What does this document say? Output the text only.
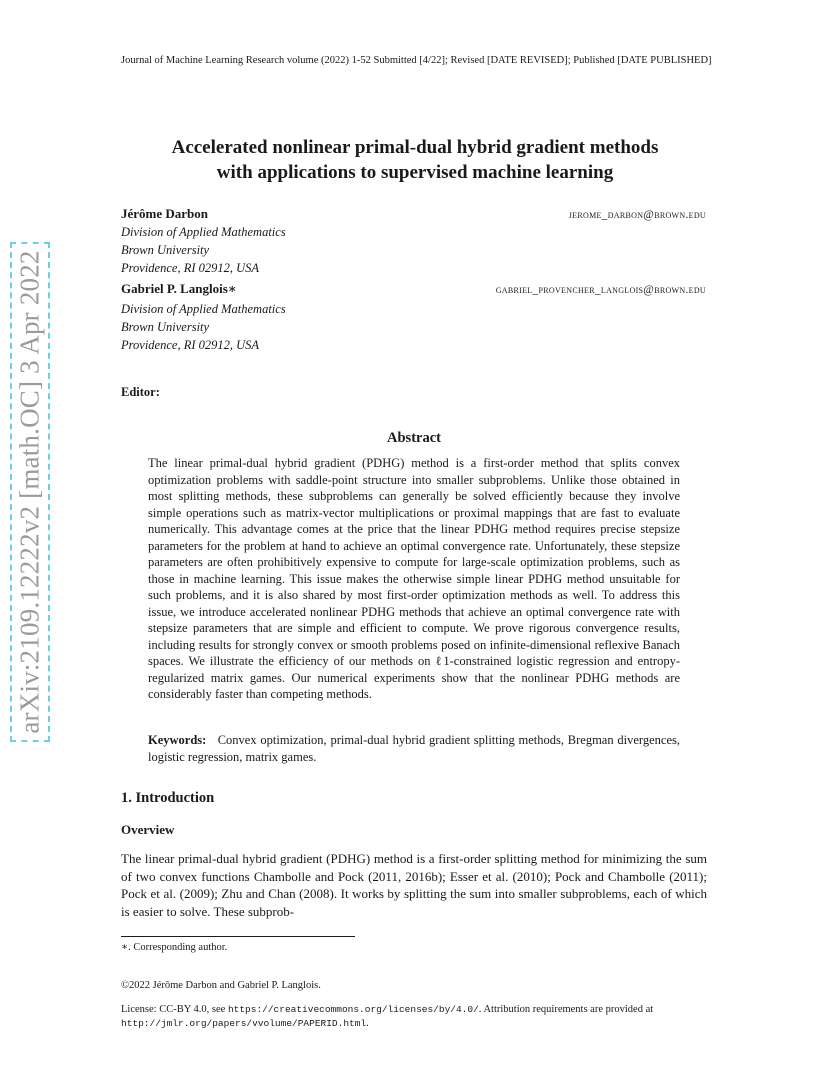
arXiv:2109.12222v2 [math.OC] 3 Apr 2022
Journal of Machine Learning Research volume (2022) 1-52 Submitted [4/22]; Revised [DATE REVISED]; Published [DATE PUBLISHED]
Accelerated nonlinear primal-dual hybrid gradient methods
with applications to supervised machine learning
Jérôme Darbon	jerome_darbon@brown.edu
Division of Applied Mathematics
Brown University
Providence, RI 02912, USA
Gabriel P. Langlois∗	gabriel_provencher_langlois@brown.edu
Division of Applied Mathematics
Brown University
Providence, RI 02912, USA
Editor:
Abstract
The linear primal-dual hybrid gradient (PDHG) method is a first-order method that splits convex optimization problems with saddle-point structure into smaller subproblems. Unlike those obtained in most splitting methods, these subproblems can generally be solved efficiently because they involve simple operations such as matrix-vector multiplications or proximal mappings that are fast to evaluate numerically. This advantage comes at the price that the linear PDHG method requires precise stepsize parameters for the problem at hand to achieve an optimal convergence rate. Unfortunately, these stepsize parameters are often prohibitively expensive to compute for large-scale optimization problems, such as those in machine learning. This issue makes the otherwise simple linear PDHG method unsuitable for such problems, and it is also shared by most first-order optimization methods as well. To address this issue, we introduce accelerated nonlinear PDHG methods that achieve an optimal convergence rate with stepsize parameters that are simple and efficient to compute. We prove rigorous convergence results, including results for strongly convex or smooth problems posed on infinite-dimensional reflexive Banach spaces. We illustrate the efficiency of our methods on ℓ1-constrained logistic regression and entropy-regularized matrix games. Our numerical experiments show that the nonlinear PDHG methods are considerably faster than competing methods.
Keywords: Convex optimization, primal-dual hybrid gradient splitting methods, Bregman divergences, logistic regression, matrix games.
1. Introduction
Overview
The linear primal-dual hybrid gradient (PDHG) method is a first-order splitting method for minimizing the sum of two convex functions Chambolle and Pock (2011, 2016b); Esser et al. (2010); Pock and Chambolle (2011); Pock et al. (2009); Zhu and Chan (2008). It works by splitting the sum into smaller subproblems, each of which is easier to solve. These subprob-
∗. Corresponding author.
©2022 Jérôme Darbon and Gabriel P. Langlois.
License: CC-BY 4.0, see https://creativecommons.org/licenses/by/4.0/. Attribution requirements are provided at http://jmlr.org/papers/vvolume/PAPERID.html.
